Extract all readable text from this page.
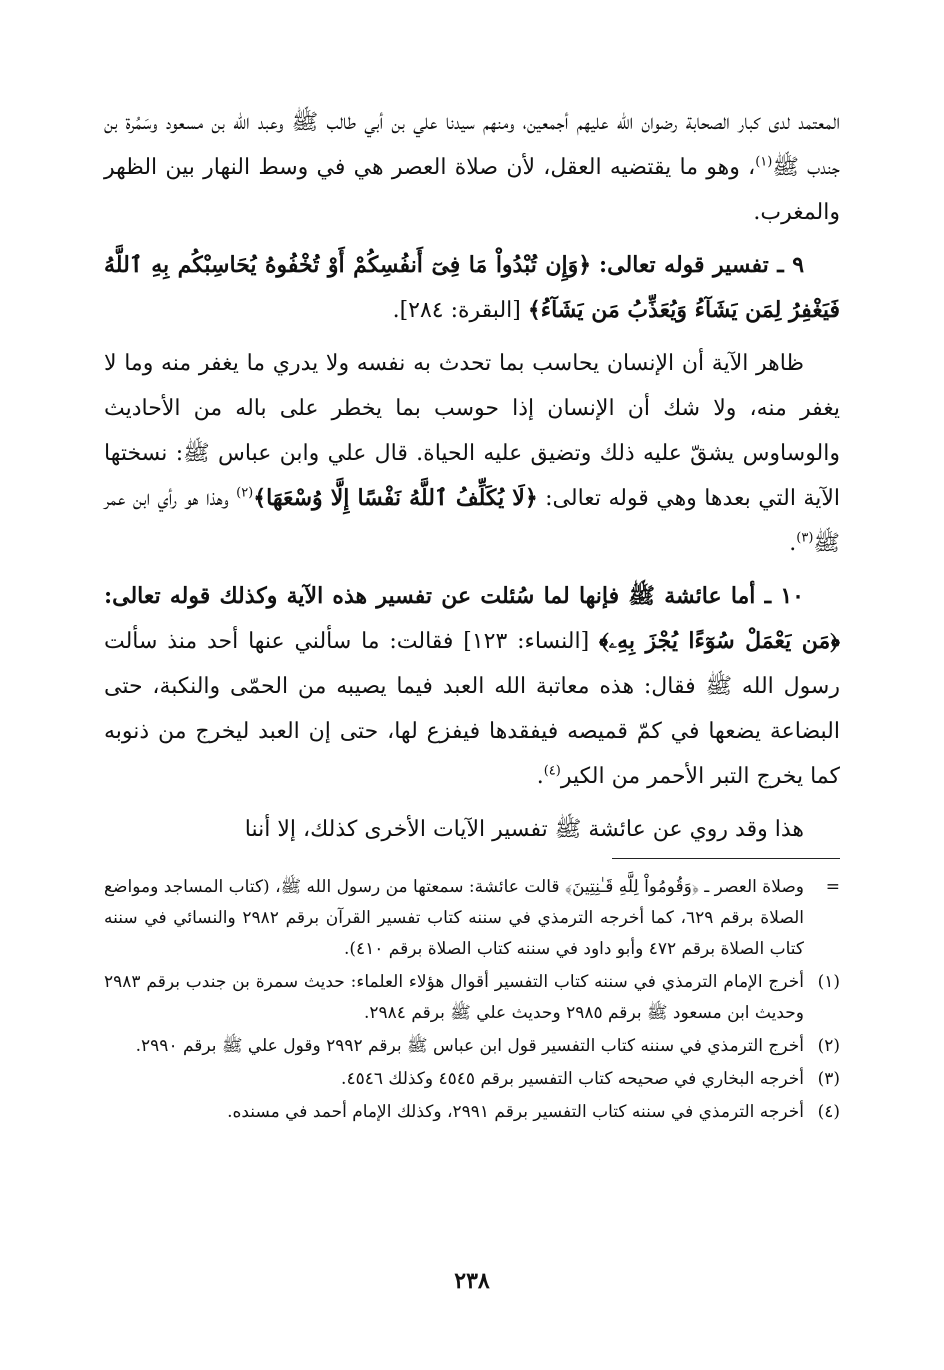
المعتمد لدى كبار الصحابة رضوان الله عليهم أجمعين، ومنهم سيدنا علي بن أبي طالب ﷺ وعبد الله بن مسعود وسَمُرة بن جندب ﷺ$^{(١)}$، وهو ما يقتضيه العقل، لأن صلاة العصر هي في وسط النهار بين الظهر والمغرب.

٩ ـ تفسير قوله تعالى: ﴿وَإِن تُبْدُواْ مَا فِىٓ أَنفُسِكُمْ أَوْ تُخْفُوهُ يُحَاسِبْكُم بِهِ ٱللَّهُ فَيَغْفِرُ لِمَن يَشَآءُ وَيُعَذِّبُ مَن يَشَآءُ﴾ [البقرة: ٢٨٤].

ظاهر الآية أن الإنسان يحاسب بما تحدث به نفسه ولا يدري ما يغفر منه وما لا يغفر منه، ولا شك أن الإنسان إذا حوسب بما يخطر على باله من الأحاديث والوساوس يشقّ عليه ذلك وتضيق عليه الحياة. قال علي وابن عباس ﷺ: نسختها الآية التي بعدها وهي قوله تعالى: ﴿لَا يُكَلِّفُ ٱللَّهُ نَفْسًا إِلَّا وُسْعَهَا﴾$^{(٢)}$ وهذا هو رأي ابن عمر ﷺ$^{(٣)}$.

١٠ ـ أما عائشة ﷺ فإنها لما سُئلت عن تفسير هذه الآية وكذلك قوله تعالى: ﴿مَن يَعْمَلْ سُوٓءًا يُجْزَ بِهِۦ﴾ [النساء: ١٢٣] فقالت: ما سألني عنها أحد منذ سألت رسول الله ﷺ فقال: هذه معاتبة الله العبد فيما يصيبه من الحمّى والنكبة، حتى البضاعة يضعها في كمّ قميصه فيفقدها فيفزع لها، حتى إن العبد ليخرج من ذنوبه كما يخرج التبر الأحمر من الكير$^{(٤)}$.

هذا وقد روي عن عائشة ﷺ تفسير الآيات الأخرى كذلك، إلا أننا

=
وصلاة العصر ـ ﴿وَقُومُواْ لِلَّهِ قَـٰنِتِينَ﴾ قالت عائشة: سمعتها من رسول الله ﷺ، (كتاب المساجد ومواضع الصلاة برقم ٦٢٩، كما أخرجه الترمذي في سننه كتاب تفسير القرآن برقم ٢٩٨٢ والنسائي في سننه كتاب الصلاة برقم ٤٧٢ وأبو داود في سننه كتاب الصلاة برقم ٤١٠).
(١)
أخرج الإمام الترمذي في سننه كتاب التفسير أقوال هؤلاء العلماء: حديث سمرة بن جندب برقم ٢٩٨٣ وحديث ابن مسعود ﷺ برقم ٢٩٨٥ وحديث علي ﷺ برقم ٢٩٨٤.
(٢)
أخرج الترمذي في سننه كتاب التفسير قول ابن عباس ﷺ برقم ٢٩٩٢ وقول علي ﷺ برقم ٢٩٩٠.
(٣)
أخرجه البخاري في صحيحه كتاب التفسير برقم ٤٥٤٥ وكذلك ٤٥٤٦.
(٤)
أخرجه الترمذي في سننه كتاب التفسير برقم ٢٩٩١، وكذلك الإمام أحمد في مسنده.
٢٣٨
